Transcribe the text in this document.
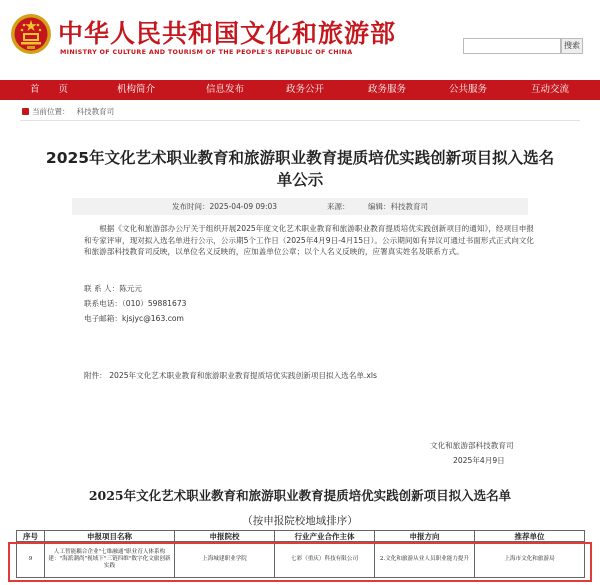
中华人民共和国文化和旅游部
MINISTRY OF CULTURE AND TOURISM OF THE PEOPLE'S REPUBLIC OF CHINA
搜索
首　　页	机构简介	信息发布	政务公开	政务服务	公共服务	互动交流
当前位置： 科技教育司
2025年文化艺术职业教育和旅游职业教育提质培优实践创新项目拟入选名单公示
发布时间：2025-04-09 09:03	来源： 编辑：科技教育司
根据《文化和旅游部办公厅关于组织开展2025年度文化艺术职业教育和旅游职业教育提质培优实践创新项目的通知》，经项目申报和专家评审，现对拟入选名单进行公示，公示期5个工作日（2025年4月9日-4月15日）。公示期间如有异议可通过书面形式正式向文化和旅游部科技教育司反映，以单位名义反映的，应加盖单位公章；以个人名义反映的，应署真实姓名及联系方式。
联 系 人：陈元元
联系电话：（010）59881673
电子邮箱：kjsjyc@163.com
附件： 2025年文化艺术职业教育和旅游职业教育提质培优实践创新项目拟入选名单.xls
文化和旅游部科技教育司
2025年4月9日
2025年文化艺术职业教育和旅游职业教育提质培优实践创新项目拟入选名单
（按申报院校地域排序）
序号	申报项目名称	申报院校	行业产业合作主体	申报方向	推荐单位
9	人工智能耦合企业"七维融通"职业育人体系构建："海派潮尚"视域下"三链四维"数字化文旅创新实践	上海城建职业学院	七彩（重庆）科技有限公司	2.文化和旅游从业人员职业能力提升	上海市文化和旅游局
